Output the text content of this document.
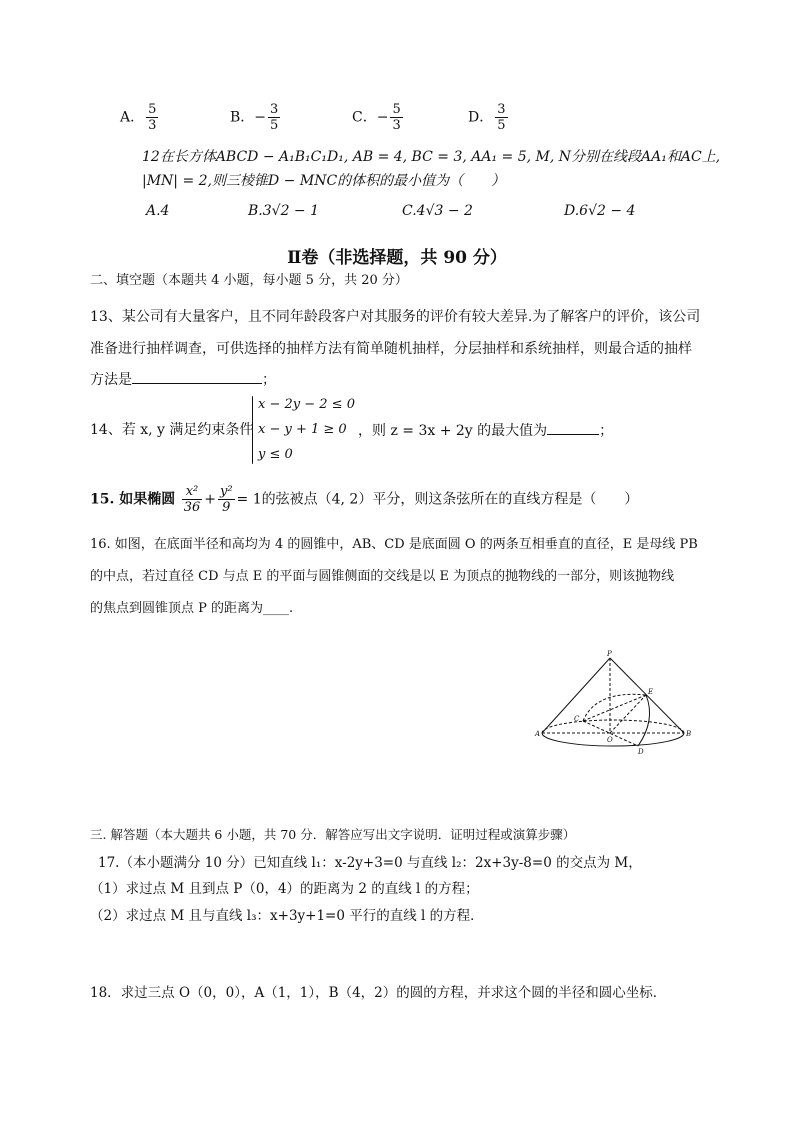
A． $\frac{5}{3}$	B．− $\frac{3}{5}$	C．− $\frac{5}{3}$	D． $\frac{3}{5}$
12在长方体ABCD − A₁B₁C₁D₁, AB = 4, BC = 3, AA₁ = 5, M, N分别在线段AA₁和AC上,
|MN| = 2,则三棱锥D − MNC的体积的最小值为（　　）
A.4	B.3√2 − 1	C.4√3 − 2	D.6√2 − 4
Ⅱ卷（非选择题，共 90 分）
二、填空题（本题共 4 小题，每小题 5 分，共 20 分）
13、某公司有大量客户，且不同年龄段客户对其服务的评价有较大差异.为了解客户的评价，该公司
准备进行抽样调查，可供选择的抽样方法有简单随机抽样，分层抽样和系统抽样，则最合适的抽样
方法是	；
14、若 x, y 满足约束条件
x − 2y − 2 ≤ 0
x − y + 1 ≥ 0
y ≤ 0
，则 z = 3x + 2y 的最大值为	；
15. 如果椭圆 $\frac{\text{x²}}{36} + \frac{\text{y²}}{9} = 1$的弦被点（4, 2）平分，则这条弦所在的直线方程是（　　）
16. 如图，在底面半径和高均为 4 的圆锥中，AB、CD 是底面圆 O 的两条互相垂直的直径，E 是母线 PB
的中点，若过直径 CD 与点 E 的平面与圆锥侧面的交线是以 E 为顶点的抛物线的一部分，则该抛物线
的焦点到圆锥顶点 P 的距离为____.
P
E
C
A
O
B
D
三. 解答题（本大题共 6 小题，共 70 分．解答应写出文字说明．证明过程或演算步骤）
17.（本小题满分 10 分）已知直线 l₁：x-2y+3=0 与直线 l₂：2x+3y-8=0 的交点为 M，
（1）求过点 M 且到点 P（0，4）的距离为 2 的直线 l 的方程；
（2）求过点 M 且与直线 l₃：x+3y+1=0 平行的直线 l 的方程．
18．求过三点 O（0，0），A（1，1），B（4，2）的圆的方程，并求这个圆的半径和圆心坐标．
